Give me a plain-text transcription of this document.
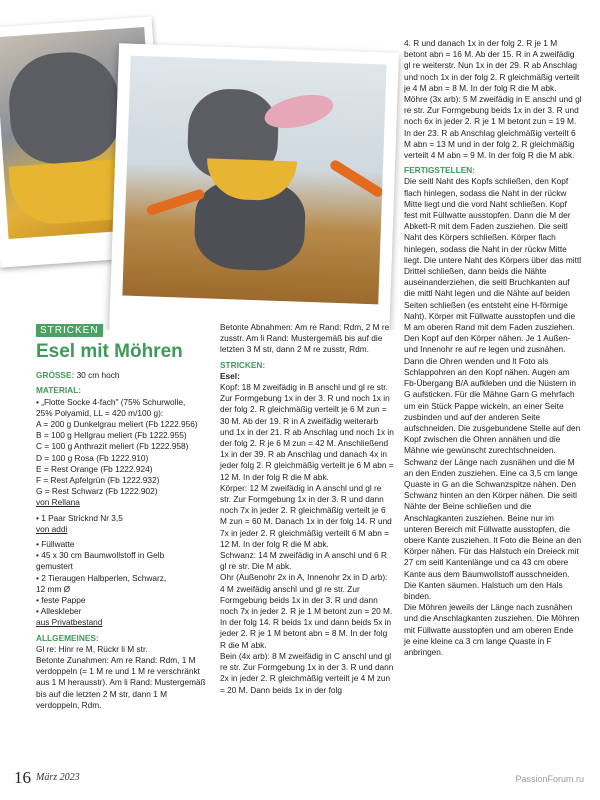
STRICKEN
Esel mit Möhren

GRÖSSE: 30 cm hoch

MATERIAL:

• „Flotte Socke 4-fach" (75% Schurwolle,

25% Polyamid, LL = 420 m/100 g):

A = 200 g Dunkelgrau meliert (Fb 1222.956)

B = 100 g Hellgrau meliert (Fb 1222.955)

C = 100 g Anthrazit meliert (Fb 1222.958)

D = 100 g Rosa (Fb 1222.910)

E = Rest Orange (Fb 1222.924)

F = Rest Apfelgrün (Fb 1222.932)

G = Rest Schwarz (Fb 1222.902)

von Rellana

• 1 Paar Stricknd Nr 3,5

von addi

• Füllwatte

• 45 x 30 cm Baumwollstoff in Gelb

gemustert

• 2 Tieraugen Halbperlen, Schwarz,

12 mm Ø

• feste Pappe

• Alleskleber

aus Privatbestand

ALLGEMEINES:

Gl re: Hinr re M, Rückr li M str.

Betonte Zunahmen: Am re Rand: Rdm, 1 M verdoppeln (= 1 M re und 1 M re verschränkt aus 1 M herausstr). Am li Rand: Mustergemäß bis auf die letzten 2 M str, dann 1 M verdoppeln, Rdm.

Betonte Abnahmen: Am re Rand: Rdm, 2 M re zusstr. Am li Rand: Mustergemäß bis auf die letzten 3 M str, dann 2 M re zusstr, Rdm.

STRICKEN:

Esel:

Kopf: 18 M zweifädig in B anschl und gl re str. Zur Formgebung 1x in der 3. R und noch 1x in der folg 2. R gleichmäßig verteilt je 6 M zun = 30 M. Ab der 19. R in A zweifädig weiterarb und 1x in der 21. R ab Anschlag und noch 1x in der folg 2. R je 6 M zun = 42 M. Anschließend 1x in der 39. R ab Anschlag und danach 4x in jeder folg 2. R gleichmäßig verteilt je 6 M abn = 12 M. In der folg R die M abk.

Körper: 12 M zweifädig in A anschl und gl re str. Zur Formgebung 1x in der 3. R und dann noch 7x in jeder 2. R gleichmäßig verteilt je 6 M zun = 60 M. Danach 1x in der folg 14. R und 7x in jeder 2. R gleichmäßig verteilt 6 M abn = 12 M. In der folg R die M abk.

Schwanz: 14 M zweifädig in A anschl und 6 R gl re str. Die M abk.

Ohr (Außenohr 2x in A, Innenohr 2x in D arb): 4 M zweifädig anschl und gl re str. Zur Formgebung beids 1x in der 3. R und dann noch 7x in jeder 2. R je 1 M betont zun = 20 M. In der folg 14. R beids 1x und dann beids 5x in jeder 2. R je 1 M betont abn = 8 M. In der folg R die M abk.

Bein (4x arb): 8 M zweifädig in C anschl und gl re str. Zur Formgebung 1x in der 3. R und dann 2x in jeder 2. R gleichmäßig verteilt je 4 M zun = 20 M. Dann beids 1x in der folg

4. R und danach 1x in der folg 2. R je 1 M betont abn = 16 M. Ab der 15. R in A zweifädig gl re weiterstr. Nun 1x in der 29. R ab Anschlag und noch 1x in der folg 2. R gleichmäßig verteilt je 4 M abn = 8 M. In der folg R die M abk.

Möhre (3x arb): 5 M zweifädig in E anschl und gl re str. Zur Formgebung beids 1x in der 3. R und noch 6x in jeder 2. R je 1 M betont zun = 19 M. In der 23. R ab Anschlag gleichmäßig verteilt 6 M abn = 13 M und in der folg 2. R gleichmäßig verteilt 4 M abn = 9 M. In der folg R die M abk.

FERTIGSTELLEN:

Die seitl Naht des Kopfs schließen, den Kopf flach hinlegen, sodass die Naht in der rückw Mitte liegt und die vord Naht schließen. Kopf fest mit Füllwatte ausstopfen. Dann die M der Abkett-R mit dem Faden zusziehen. Die seitl Naht des Körpers schließen. Körper flach hinlegen, sodass die Naht in der rückw Mitte liegt. Die untere Naht des Körpers über das mittl Drittel schließen, dann beids die Nähte auseinanderziehen, die seitl Bruchkanten auf die mittl Naht legen und die Nähte auf beiden Seiten schließen (es entsteht eine H-förmige Naht). Körper mit Füllwatte ausstopfen und die M am oberen Rand mit dem Faden zusziehen. Den Kopf auf den Körper nähen. Je 1 Außen- und Innenohr re auf re legen und zusnähen. Dann die Ohren wenden und lt Foto als Schlappohren an den Kopf nähen. Augen am Fb-Übergang B/A aufkleben und die Nüstern in G aufsticken. Für die Mähne Garn G mehrfach um ein Stück Pappe wickeln, an einer Seite zusbinden und auf der anderen Seite aufschneiden. Die zusgebundene Stelle auf den Kopf zwischen die Ohren annähen und die Mähne wie gewünscht zurechtschneiden. Schwanz der Länge nach zusnähen und die M an den Enden zusziehen. Eine ca 3,5 cm lange Quaste in G an die Schwanzspitze nähen. Den Schwanz hinten an den Körper nähen. Die seitl Nähte der Beine schließen und die Anschlagkanten zusziehen. Beine nur im unteren Bereich mit Füllwatte ausstopfen, die obere Kante zusziehen. lt Foto die Beine an den Körper nähen. Für das Halstuch ein Dreieck mit 27 cm seitl Kantenlänge und ca 43 cm obere Kante aus dem Baumwollstoff ausschneiden. Die Kanten säumen. Halstuch um den Hals binden.

Die Möhren jeweils der Länge nach zusnähen und die Anschlagkanten zusziehen. Die Möhren mit Füllwatte ausstopfen und am oberen Ende je eine kleine ca 3 cm lange Quaste in F anbringen.

16 März 2023	PassionForum.ru
